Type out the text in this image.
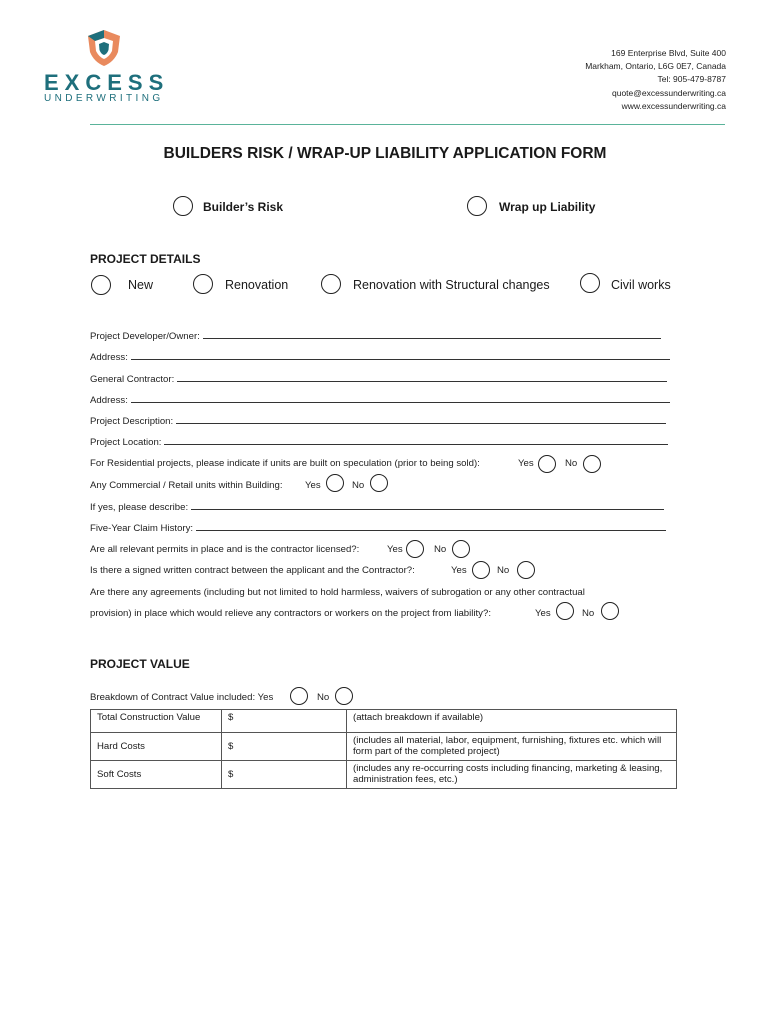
EXCESS
UNDERWRITING
169 Enterprise Blvd, Suite 400
Markham, Ontario, L6G 0E7, Canada
Tel: 905-479-8787
quote@excessunderwriting.ca
www.excessunderwriting.ca
BUILDERS RISK / WRAP-UP LIABILITY APPLICATION FORM
Builder’s Risk	Wrap up Liability
PROJECT DETAILS
New	Renovation	Renovation with Structural changes	Civil works
Project Developer/Owner:
Address:
General Contractor:
Address:
Project Description:
Project Location:
For Residential projects, please indicate if units are built on speculation (prior to being sold):	Yes	No
Any Commercial / Retail units within Building: Yes	No
If yes, please describe:
Five-Year Claim History:
Are all relevant permits in place and is the contractor licensed?:	Yes	No
Is there a signed written contract between the applicant and the Contractor?:	Yes	No
Are there any agreements (including but not limited to hold harmless, waivers of subrogation or any other contractual
provision) in place which would relieve any contractors or workers on the project from liability?:	Yes	No
PROJECT VALUE
Breakdown of Contract Value included: Yes	No
Total Construction Value	$	(attach breakdown if available)
Hard Costs	$	(includes all material, labor, equipment, furnishing, fixtures etc. which will form part of the completed project)
Soft Costs	$	(includes any re-occurring costs including financing, marketing & leasing, administration fees, etc.)
